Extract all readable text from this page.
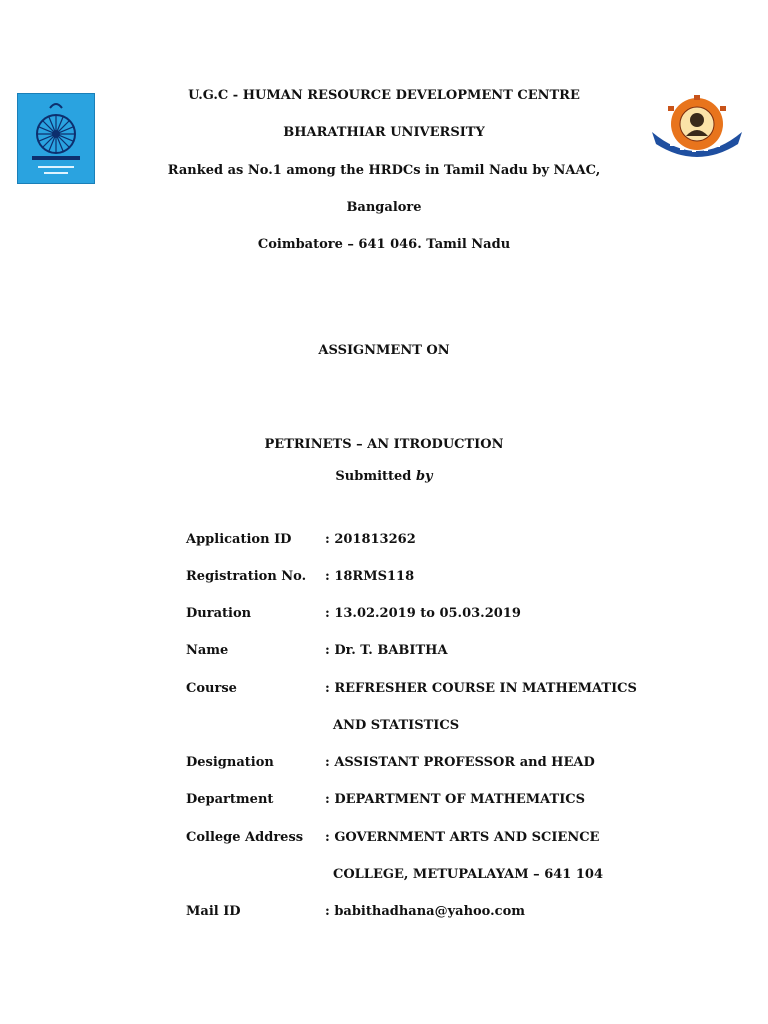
U.G.C - HUMAN RESOURCE DEVELOPMENT CENTRE
BHARATHIAR UNIVERSITY
Ranked as No.1 among the HRDCs in Tamil Nadu by NAAC,
Bangalore
Coimbatore – 641 046. Tamil Nadu
ASSIGNMENT ON
PETRINETS – AN ITRODUCTION
Submitted by
Application ID	: 201813262
Registration No. : 18RMS118
Duration	: 13.02.2019 to 05.03.2019
Name	: Dr. T. BABITHA
Course	: REFRESHER COURSE IN MATHEMATICS
AND STATISTICS
Designation	: ASSISTANT PROFESSOR and HEAD
Department	: DEPARTMENT OF MATHEMATICS
College Address : GOVERNMENT ARTS AND SCIENCE
COLLEGE, METUPALAYAM – 641 104
Mail ID	: babithadhana@yahoo.com
